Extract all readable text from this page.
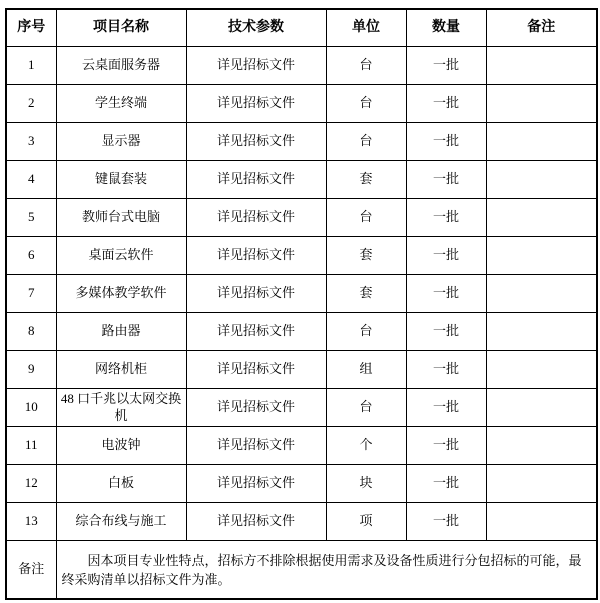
序号	项目名称	技术参数	单位	数量	备注
1	云桌面服务器	详见招标文件	台	一批	
2	学生终端	详见招标文件	台	一批	
3	显示器	详见招标文件	台	一批	
4	键鼠套装	详见招标文件	套	一批	
5	教师台式电脑	详见招标文件	台	一批	
6	桌面云软件	详见招标文件	套	一批	
7	多媒体教学软件	详见招标文件	套	一批	
8	路由器	详见招标文件	台	一批	
9	网络机柜	详见招标文件	组	一批	
10	48 口千兆以太网交换机	详见招标文件	台	一批	
11	电波钟	详见招标文件	个	一批	
12	白板	详见招标文件	块	一批	
13	综合布线与施工	详见招标文件	项	一批	
备注	因本项目专业性特点，招标方不排除根据使用需求及设备性质进行分包招标的可能，最终采购清单以招标文件为准。				
